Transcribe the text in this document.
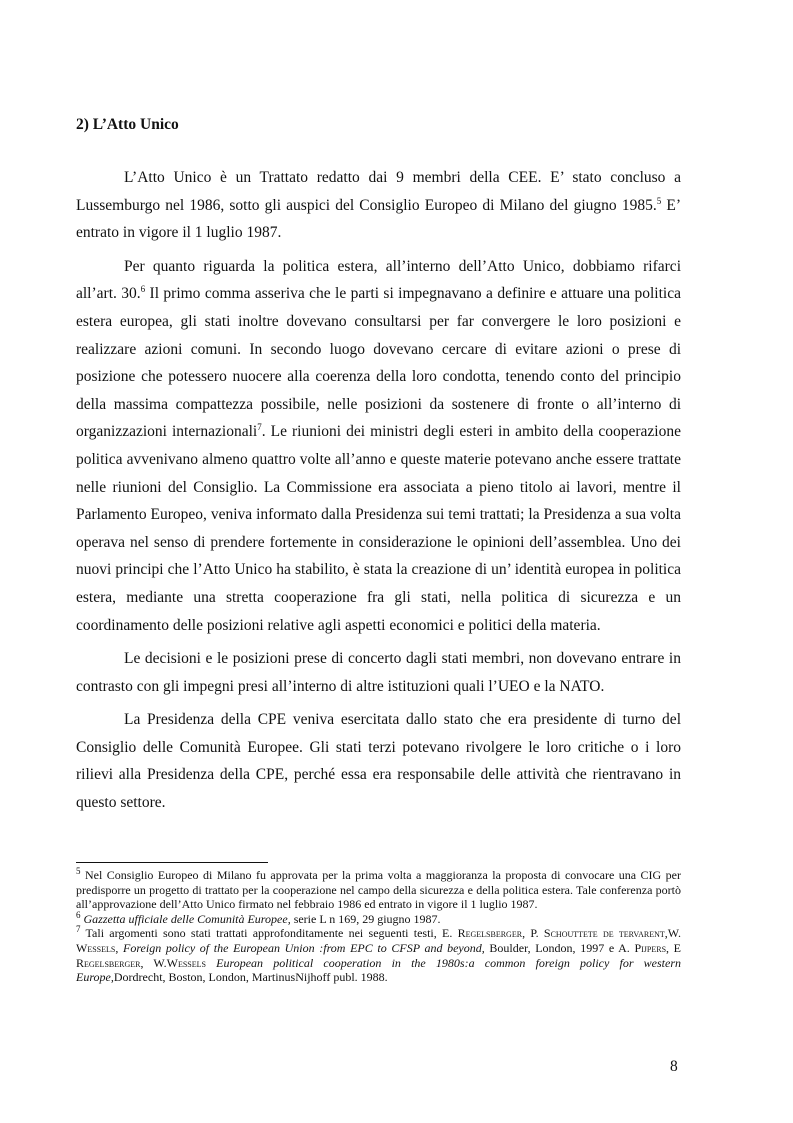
2) L’Atto Unico

L’Atto Unico è un Trattato redatto dai 9 membri della CEE. E’ stato concluso a Lussemburgo nel 1986, sotto gli auspici del Consiglio Europeo di Milano del giugno 1985.$^5$ E’ entrato in vigore il 1 luglio 1987.

Per quanto riguarda la politica estera, all’interno dell’Atto Unico, dobbiamo rifarci all’art. 30.$^6$ Il primo comma asseriva che le parti si impegnavano a definire e attuare una politica estera europea, gli stati inoltre dovevano consultarsi per far convergere le loro posizioni e realizzare azioni comuni. In secondo luogo dovevano cercare di evitare azioni o prese di posizione che potessero nuocere alla coerenza della loro condotta, tenendo conto del principio della massima compattezza possibile, nelle posizioni da sostenere di fronte o all’interno di organizzazioni internazionali$^7$. Le riunioni dei ministri degli esteri in ambito della cooperazione politica avvenivano almeno quattro volte all’anno e queste materie potevano anche essere trattate nelle riunioni del Consiglio. La Commissione era associata a pieno titolo ai lavori, mentre il Parlamento Europeo, veniva informato dalla Presidenza sui temi trattati; la Presidenza a sua volta operava nel senso di prendere fortemente in considerazione le opinioni dell’assemblea. Uno dei nuovi principi che l’Atto Unico ha stabilito, è stata la creazione di un’ identità europea in politica estera, mediante una stretta cooperazione fra gli stati, nella politica di sicurezza e un coordinamento delle posizioni relative agli aspetti economici e politici della materia.

Le decisioni e le posizioni prese di concerto dagli stati membri, non dovevano entrare in contrasto con gli impegni presi all’interno di altre istituzioni quali l’UEO e la NATO.

La Presidenza della CPE veniva esercitata dallo stato che era presidente di turno del Consiglio delle Comunità Europee. Gli stati terzi potevano rivolgere le loro critiche o i loro rilievi alla Presidenza della CPE, perché essa era responsabile delle attività che rientravano in questo settore.

$^5$ Nel Consiglio Europeo di Milano fu approvata per la prima volta a maggioranza la proposta di convocare una CIG per predisporre un progetto di trattato per la cooperazione nel campo della sicurezza e della politica estera. Tale conferenza portò all’approvazione dell’Atto Unico firmato nel febbraio 1986 ed entrato in vigore il 1 luglio 1987.
$^6$ Gazzetta ufficiale delle Comunità Europee, serie L n 169, 29 giugno 1987.
$^7$ Tali argomenti sono stati trattati approfonditamente nei seguenti testi, E. Regelsberger, P. Schouttete de tervarent,W. Wessels, Foreign policy of the European Union :from EPC to CFSP and beyond, Boulder, London, 1997 e A. Pijpers, E Regelsberger, W.Wessels European political cooperation in the 1980s:a common foreign policy for western Europe,Dordrecht, Boston, London, MartinusNijhoff publ. 1988.
8
